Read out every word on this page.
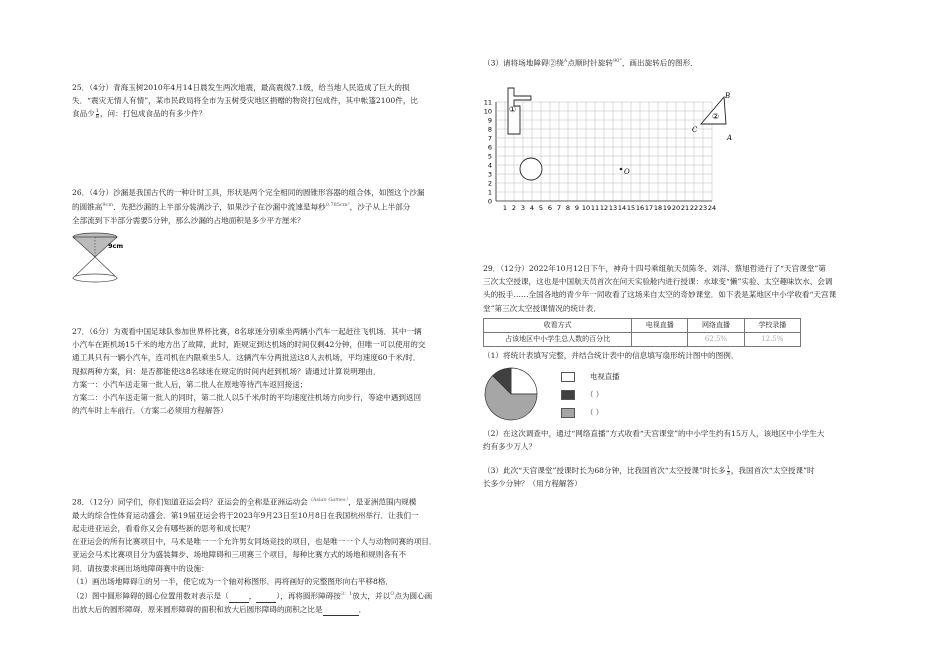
25．（4分）青海玉树2010年4月14日晨发生两次地震，最高震级7.1级，给当地人民造成了巨大的损
失．“震灾无情人有情”，某市民政局将全市为玉树受灾地区捐赠的物资打包成件，其中帐篷2100件，比
食品少 $\frac{1}{8}$ ，问：打包成食品的有多少件？
26．（4分）沙漏是我国古代的一种计时工具，形状是两个完全相同的圆锥形容器的组合体，如图这个沙漏
的圆锥高$^{9cm}$．先把沙漏的上半部分装满沙子，如果沙子在沙漏中流速是每秒$^{0.785cm^3}$，沙子从上半部分
全部流到下半部分需要5分钟，那么沙漏的占地面积是多少平方厘米？
9cm
27．（6分）为观看中国足球队参加世界杯比赛，8名球迷分别乘坐两辆小汽车一起赶往飞机场．其中一辆
小汽车在距机场15千米的地方出了故障，此时，距规定到达机场的时间仅剩42分钟，但唯一可以使用的交
通工具只有一辆小汽车，连司机在内限乘坐5人．这辆汽车分两批送这8人去机场，平均速度60千米/时．
现拟两种方案，问：是否都能使这8名球迷在规定的时间内赶到机场？请通过计算说明理由．
方案一：小汽车送走第一批人后，第二批人在原地等待汽车返回接送；
方案二：小汽车送走第一批人的同时，第二批人以5千米/时的平均速度往机场方向步行，等途中遇到返回
的汽车时上车前行．（方案二必须用方程解答）
28．（12分）同学们，你们知道亚运会吗？亚运会的全称是亚洲运动会$^{(Asian Games)}$，是亚洲范围内规模
最大的综合性体育运动盛会．第19届亚运会将于2023年9月23日至10月8日在我国杭州举行．让我们一
起走进亚运会，看看你又会有哪些新的思考和成长呢？
在亚运会的所有比赛项目中，马术是唯一一个允许男女同场竞技的项目，也是唯一一个人与动物同赛的项目．
亚运会马术比赛项目分为盛装舞步、场地障碍和三项赛三个项目，每种比赛方式的场地和规则各有不
同．请按要求画出场地障碍赛中的设施：
（1）画出场地障碍①的另一半，使它成为一个轴对称图形．再将画好的完整图形向右平移8格．
（2）图中圆形障碍的圆心位置用数对表示是（	，	），再将圆形障碍按$^{3:1}$放大，并以$^O$点为圆心画
出放大后的圆形障碍．原来圆形障碍的面积和放大后圆形障碍的面积之比是	．
（3）请将场地障碍②绕$^A$点顺时针旋转$^{90^\circ}$，画出旋转后的图形．
1 2 3 4 5 6 7 8 9 10 11 12 13 14 15 16 17 18 19 20 21 22 23 24
0
1
2
3
4
5
6
7
8
9
10
11
①
②
B
C
A
O
29．（12分）2022年10月12日下午，神舟十四号乘组航天员陈冬、刘洋、蔡旭哲进行了“天宫课堂”第
三次太空授课，这也是中国航天员首次在问天实验舱内进行授课：水球变“懒”实验、太空趣味饮水、会调
头的扳手……全国各地的青少年一同收看了这场来自太空的奇妙课堂．如下表是某地区中小学收看“天宫课
堂”第三次太空授课情况的统计表．
收看方式	电视直播	网络直播	学校录播
占该地区中小学生总人数的百分比		62.5%	12.5%
（1）将统计表填写完整，并结合统计表中的信息填写扇形统计图中的图例．
电视直播
（ ）
（ ）
（2）在这次调查中，通过“网络直播”方式收看“天宫课堂”的中小学生约有15万人，该地区中小学生大
约有多少万人？
（3）此次“天宫课堂”授课时长为68分钟，比我国首次“太空授课”时长多 $\frac{1}{3}$ ，我国首次“太空授课”时
长多少分钟？（用方程解答）
